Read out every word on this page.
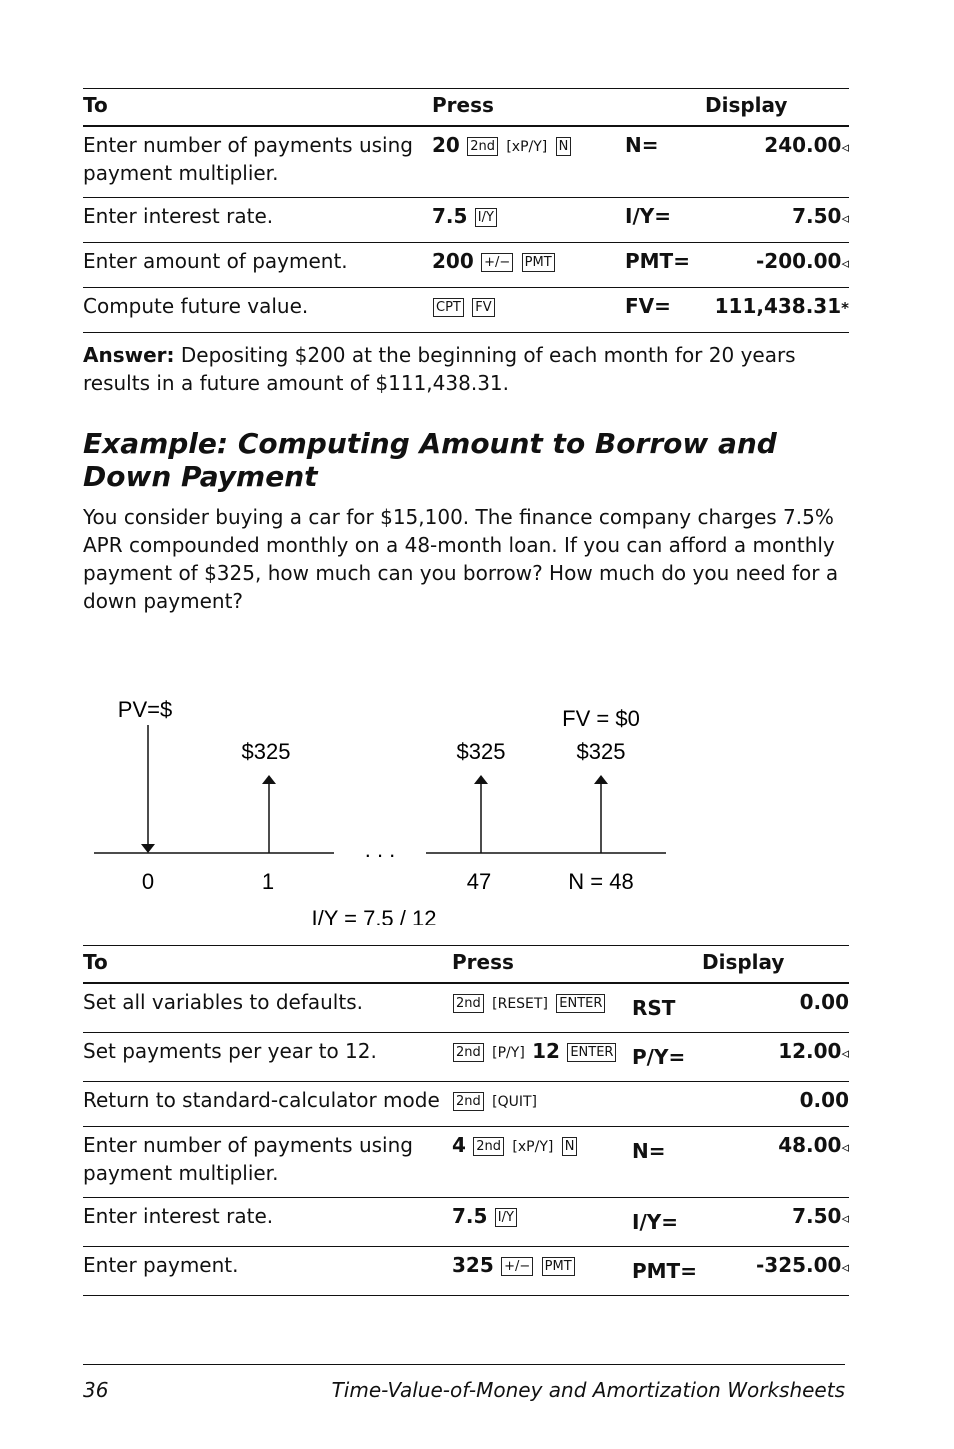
To	Press	Display	
Enter number of payments using payment multiplier.	20 2nd [ xP/Y ] N	N=	240.00◃
Enter interest rate.	7.5 I/Y	I/Y=	7.50◃
Enter amount of payment.	200 +/− PMT	PMT=	-200.00◃
Compute future value.	CPT FV	FV=	111,438.31*

Answer: Depositing $200 at the beginning of each month for 20 years results in a future amount of $111,438.31.

Example: Computing Amount to Borrow and Down Payment

You consider buying a car for $15,100. The finance company charges 7.5% APR compounded monthly on a 48-month loan. If you can afford a monthly payment of $325, how much can you borrow? How much do you need for a down payment?

. . .
PV=$	FV = $0
$325	$325	$325
0	1	47	N = 48
I/Y = 7.5 / 12
To	Press	Display	
Set all variables to defaults.	2nd [ RESET ] ENTER	RST	0.00
Set payments per year to 12.	2nd [ P/Y ] 12 ENTER	P/Y=	12.00◃
Return to standard-calculator mode	2nd [ QUIT ]		0.00
Enter number of payments using payment multiplier.	4 2nd [ xP/Y ] N	N=	48.00◃
Enter interest rate.	7.5 I/Y	I/Y=	7.50◃
Enter payment.	325 +/− PMT	PMT=	-325.00◃
36	Time-Value-of-Money and Amortization Worksheets
